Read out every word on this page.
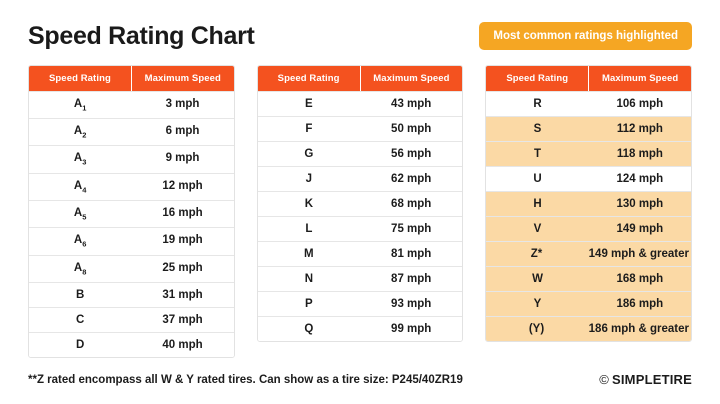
Speed Rating Chart	Most common ratings highlighted
Speed Rating	Maximum Speed
$A_1$	3 mph
$A_2$	6 mph
$A_3$	9 mph
$A_4$	12 mph
$A_5$	16 mph
$A_6$	19 mph
$A_8$	25 mph
B	31 mph
C	37 mph
D	40 mph
Speed Rating	Maximum Speed
E	43 mph
F	50 mph
G	56 mph
J	62 mph
K	68 mph
L	75 mph
M	81 mph
N	87 mph
P	93 mph
Q	99 mph
Speed Rating	Maximum Speed
R	106 mph
S	112 mph
T	118 mph
U	124 mph
H	130 mph
V	149 mph
Z*	149 mph & greater
W	168 mph
Y	186 mph
(Y)	186 mph & greater
**Z rated encompass all W & Y rated tires. Can show as a tire size: P245/40ZR19	© SIMPLETIRE
